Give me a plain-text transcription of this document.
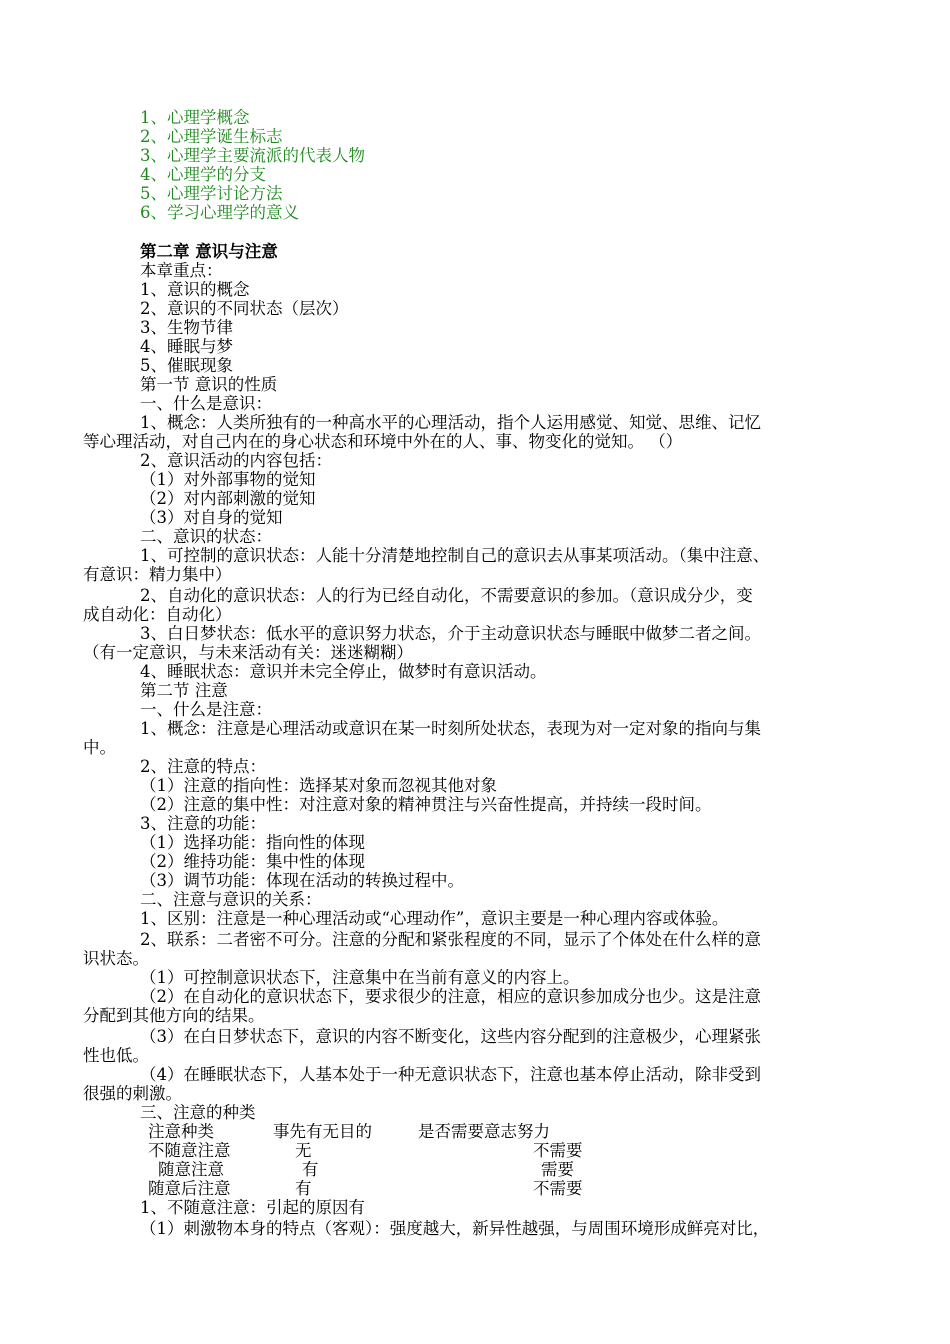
1、心理学概念
2、心理学诞生标志
3、心理学主要流派的代表人物
4、心理学的分支
5、心理学讨论方法
6、学习心理学的意义
第二章 意识与注意
本章重点：
1、意识的概念
2、意识的不同状态（层次）
3、生物节律
4、睡眠与梦
5、催眠现象
第一节 意识的性质
一、什么是意识：
1、概念：人类所独有的一种高水平的心理活动，指个人运用感觉、知觉、思维、记忆
等心理活动，对自己内在的身心状态和环境中外在的人、事、物变化的觉知。 （）
2、意识活动的内容包括：
（1）对外部事物的觉知
（2）对内部刺激的觉知
（3）对自身的觉知
二、意识的状态：
1、可控制的意识状态：人能十分清楚地控制自己的意识去从事某项活动。（集中注意、
有意识：精力集中）
2、自动化的意识状态：人的行为已经自动化，不需要意识的参加。（意识成分少，变
成自动化：自动化）
3、白日梦状态：低水平的意识努力状态，介于主动意识状态与睡眠中做梦二者之间。
（有一定意识，与未来活动有关：迷迷糊糊）
4、睡眠状态：意识并未完全停止，做梦时有意识活动。
第二节 注意
一、什么是注意：
1、概念：注意是心理活动或意识在某一时刻所处状态，表现为对一定对象的指向与集
中。
2、注意的特点：
（1）注意的指向性：选择某对象而忽视其他对象
（2）注意的集中性：对注意对象的精神贯注与兴奋性提高，并持续一段时间。
3、注意的功能：
（1）选择功能：指向性的体现
（2）维持功能：集中性的体现
（3）调节功能：体现在活动的转换过程中。
二、注意与意识的关系：
1、区别：注意是一种心理活动或“心理动作”，意识主要是一种心理内容或体验。
2、联系：二者密不可分。注意的分配和紧张程度的不同，显示了个体处在什么样的意
识状态。
（1）可控制意识状态下，注意集中在当前有意义的内容上。
（2）在自动化的意识状态下，要求很少的注意，相应的意识参加成分也少。这是注意
分配到其他方向的结果。
（3）在白日梦状态下，意识的内容不断变化，这些内容分配到的注意极少，心理紧张
性也低。
（4）在睡眠状态下，人基本处于一种无意识状态下，注意也基本停止活动，除非受到
很强的刺激。
三、注意的种类
注意种类	事先有无目的	是否需要意志努力
不随意注意	无	不需要
随意注意	有	需要
随意后注意	有	不需要
1、不随意注意：引起的原因有
（1）刺激物本身的特点（客观）：强度越大，新异性越强，与周围环境形成鲜亮对比，
